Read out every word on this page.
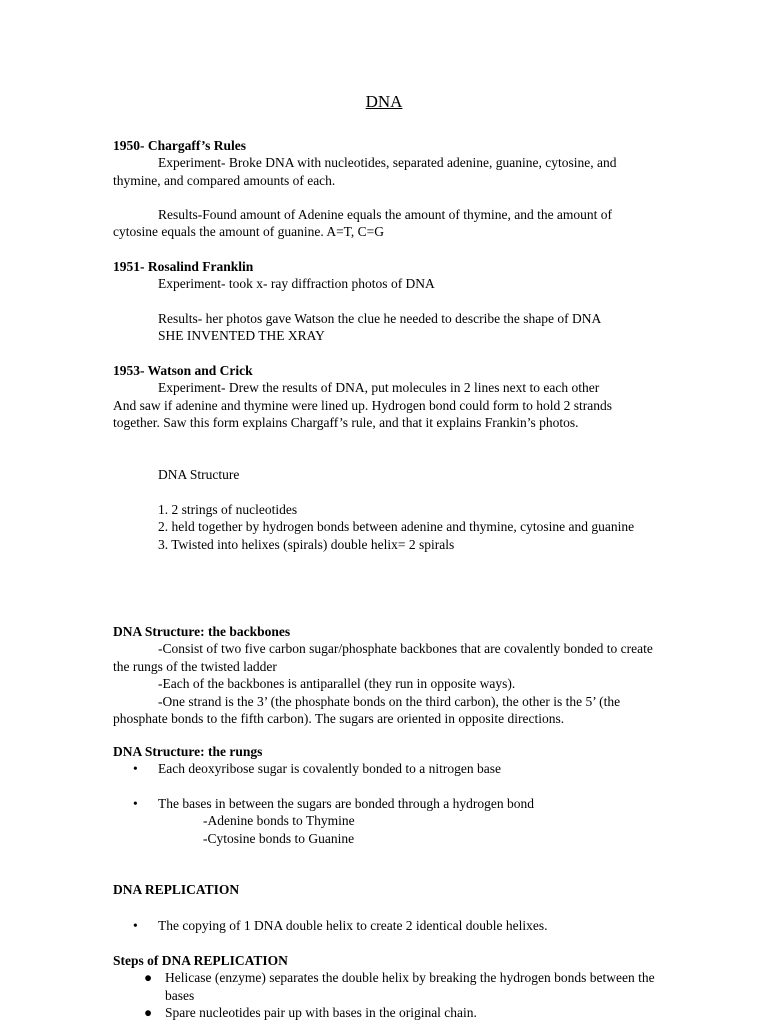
DNA

1950- Chargaff’s Rules

Experiment- Broke DNA with nucleotides, separated adenine, guanine, cytosine, and thymine, and compared amounts of each.

Results-Found amount of Adenine equals the amount of thymine, and the amount of cytosine equals the amount of guanine. A=T, C=G

1951- Rosalind Franklin

Experiment- took x- ray diffraction photos of DNA

Results- her photos gave Watson the clue he needed to describe the shape of DNA

SHE INVENTED THE XRAY

1953- Watson and Crick

Experiment- Drew the results of DNA, put molecules in 2 lines next to each other

And saw if adenine and thymine were lined up. Hydrogen bond could form to hold 2 strands together. Saw this form explains Chargaff’s rule, and that it explains Frankin’s photos.

DNA Structure

1. 2 strings of nucleotides

2. held together by hydrogen bonds between adenine and thymine, cytosine and guanine

3. Twisted into helixes (spirals) double helix= 2 spirals

DNA Structure: the backbones

-Consist of two five carbon sugar/phosphate backbones that are covalently bonded to create the rungs of the twisted ladder

-Each of the backbones is antiparallel (they run in opposite ways).

-One strand is the 3’ (the phosphate bonds on the third carbon), the other is the 5’ (the phosphate bonds to the fifth carbon). The sugars are oriented in opposite directions.

DNA Structure: the rungs

• Each deoxyribose sugar is covalently bonded to a nitrogen base
• The bases in between the sugars are bonded through a hydrogen bond

-Adenine bonds to Thymine

-Cytosine bonds to Guanine

DNA REPLICATION

• The copying of 1 DNA double helix to create 2 identical double helixes.

Steps of DNA REPLICATION

● Helicase (enzyme) separates the double helix by breaking the hydrogen bonds between the bases
● Spare nucleotides pair up with bases in the original chain.
